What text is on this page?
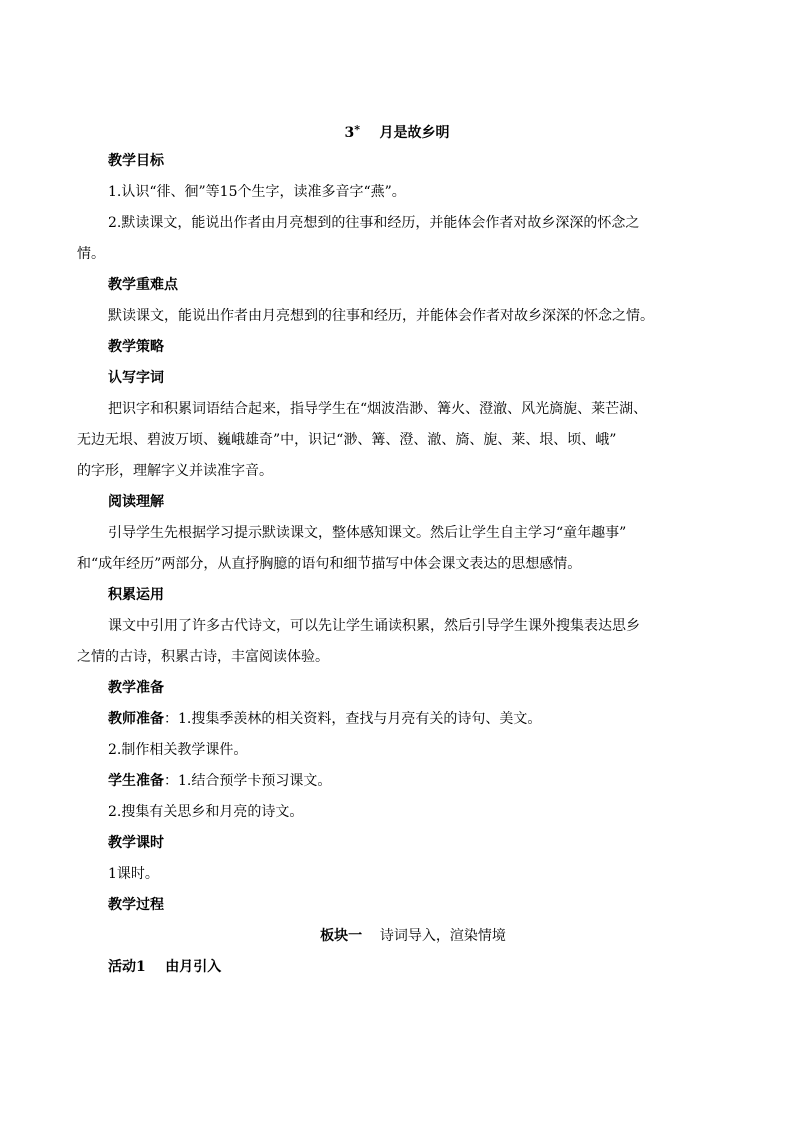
3* 月是故乡明
教学目标
1.认识“徘、徊”等15个生字，读准多音字“燕”。
2.默读课文，能说出作者由月亮想到的往事和经历，并能体会作者对故乡深深的怀念之
情。
教学重难点
默读课文，能说出作者由月亮想到的往事和经历，并能体会作者对故乡深深的怀念之情。
教学策略
认写字词
把识字和积累词语结合起来，指导学生在“烟波浩渺、篝火、澄澈、风光旖旎、莱芒湖、
无边无垠、碧波万顷、巍峨雄奇”中，识记“渺、篝、澄、澈、旖、旎、莱、垠、顷、峨”
的字形，理解字义并读准字音。
阅读理解
引导学生先根据学习提示默读课文，整体感知课文。然后让学生自主学习“童年趣事”
和“成年经历”两部分，从直抒胸臆的语句和细节描写中体会课文表达的思想感情。
积累运用
课文中引用了许多古代诗文，可以先让学生诵读积累，然后引导学生课外搜集表达思乡
之情的古诗，积累古诗，丰富阅读体验。
教学准备
教师准备：1.搜集季羡林的相关资料，查找与月亮有关的诗句、美文。
2.制作相关教学课件。
学生准备：1.结合预学卡预习课文。
2.搜集有关思乡和月亮的诗文。
教学课时
1课时。
教学过程
板块一 诗词导入，渲染情境
活动1 由月引入
